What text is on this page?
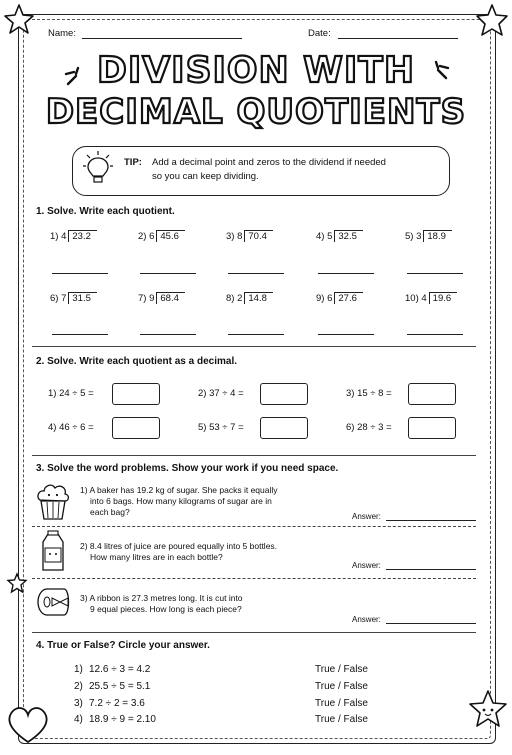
Name:	Date:
DIVISION WITH
DECIMAL QUOTIENTS
TIP: Add a decimal point and zeros to the dividend if needed
so you can keep dividing.
1. Solve. Write each quotient.
1) 4 23.2	2) 6 45.6	3) 8 70.4	4) 5 32.5	5) 3 18.9
6) 7 31.5	7) 9 68.4	8) 2 14.8	9) 6 27.6	10) 4 19.6
2. Solve. Write each quotient as a decimal.
1) 24 ÷ 5 =	2) 37 ÷ 4 =	3) 15 ÷ 8 =
4) 46 ÷ 6 =	5) 53 ÷ 7 =	6) 28 ÷ 3 =
3. Solve the word problems. Show your work if you need space.
1) A baker has 19.2 kg of sugar. She packs it equally
into 6 bags. How many kilograms of sugar are in
each bag?	Answer:
2) 8.4 litres of juice are poured equally into 5 bottles.
How many litres are in each bottle?
Answer:
3) A ribbon is 27.3 metres long. It is cut into
9 equal pieces. How long is each piece?
Answer:
4. True or False? Circle your answer.
1) 12.6 ÷ 3 = 4.2	True / False
2) 25.5 ÷ 5 = 5.1	True / False
3) 7.2 ÷ 2 = 3.6	True / False
4) 18.9 ÷ 9 = 2.10	True / False
